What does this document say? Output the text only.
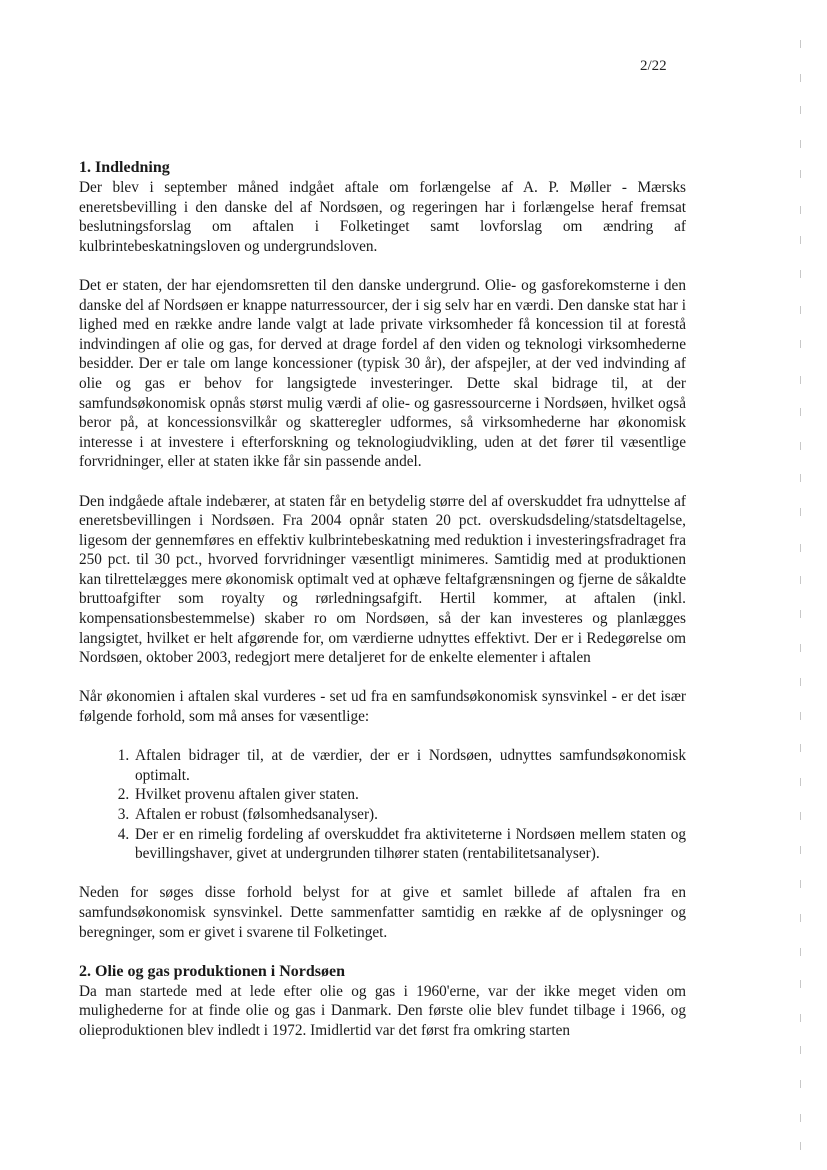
2/22
1. Indledning

Der blev i september måned indgået aftale om forlængelse af A. P. Møller - Mærsks eneretsbevilling i den danske del af Nordsøen, og regeringen har i forlængelse heraf fremsat beslutningsforslag om aftalen i Folketinget samt lovforslag om ændring af kulbrintebeskatningsloven og undergrundsloven.

Det er staten, der har ejendomsretten til den danske undergrund. Olie- og gasforekomsterne i den danske del af Nordsøen er knappe naturressourcer, der i sig selv har en værdi. Den danske stat har i lighed med en række andre lande valgt at lade private virksomheder få koncession til at forestå indvindingen af olie og gas, for derved at drage fordel af den viden og teknologi virksomhederne besidder. Der er tale om lange koncessioner (typisk 30 år), der afspejler, at der ved indvinding af olie og gas er behov for langsigtede investeringer. Dette skal bidrage til, at der samfundsøkonomisk opnås størst mulig værdi af olie- og gasressourcerne i Nordsøen, hvilket også beror på, at koncessionsvilkår og skatteregler udformes, så virksomhederne har økonomisk interesse i at investere i efterforskning og teknologiudvikling, uden at det fører til væsentlige forvridninger, eller at staten ikke får sin passende andel.

Den indgåede aftale indebærer, at staten får en betydelig større del af overskuddet fra udnyttelse af eneretsbevillingen i Nordsøen. Fra 2004 opnår staten 20 pct. overskudsdeling/statsdeltagelse, ligesom der gennemføres en effektiv kulbrintebeskatning med reduktion i investeringsfradraget fra 250 pct. til 30 pct., hvorved forvridninger væsentligt minimeres. Samtidig med at produktionen kan tilrettelægges mere økonomisk optimalt ved at ophæve feltafgrænsningen og fjerne de såkaldte bruttoafgifter som royalty og rørledningsafgift. Hertil kommer, at aftalen (inkl. kompensationsbestemmelse) skaber ro om Nordsøen, så der kan investeres og planlægges langsigtet, hvilket er helt afgørende for, om værdierne udnyttes effektivt. Der er i Redegørelse om Nordsøen, oktober 2003, redegjort mere detaljeret for de enkelte elementer i aftalen

Når økonomien i aftalen skal vurderes - set ud fra en samfundsøkonomisk synsvinkel - er det især følgende forhold, som må anses for væsentlige:

1. Aftalen bidrager til, at de værdier, der er i Nordsøen, udnyttes samfundsøkonomisk optimalt.
2. Hvilket provenu aftalen giver staten.
3. Aftalen er robust (følsomhedsanalyser).
4. Der er en rimelig fordeling af overskuddet fra aktiviteterne i Nordsøen mellem staten og bevillingshaver, givet at undergrunden tilhører staten (rentabilitetsanalyser).

Neden for søges disse forhold belyst for at give et samlet billede af aftalen fra en samfundsøkonomisk synsvinkel. Dette sammenfatter samtidig en række af de oplysninger og beregninger, som er givet i svarene til Folketinget.

2. Olie og gas produktionen i Nordsøen

Da man startede med at lede efter olie og gas i 1960'erne, var der ikke meget viden om mulighederne for at finde olie og gas i Danmark. Den første olie blev fundet tilbage i 1966, og olieproduktionen blev indledt i 1972. Imidlertid var det først fra omkring starten
